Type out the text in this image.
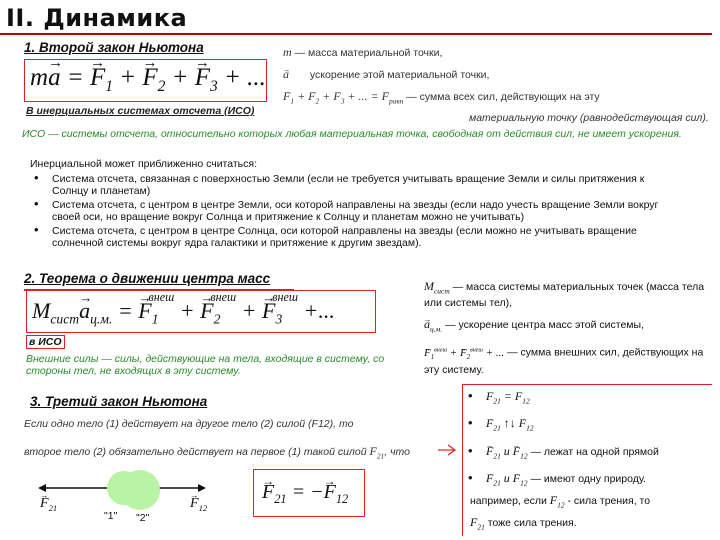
II. Динамика
1. Второй закон Ньютона
m→ a = → $F_1$ + → $F_2$ + → $F_3$ + ...
В инерциальных системах отсчета (ИСО)
m — масса материальной точки,
→ a ускорение этой материальной точки,
→ $F_1$ + → $F_2$ + → $F_3$ + ... = → $F_{равн}$ — сумма всех сил, действующих на эту
материальную точку (равнодействующая сил).
ИСО — системы отсчета, относительно которых любая материальная точка, свободная от действия сил, не имеет ускорения.
Инерциальной может приближенно считаться:
• Система отсчета, связанная с поверхностью Земли (если не требуется учитывать вращение Земли и силы притяжения к Солнцу и планетам)
• Система отсчета, с центром в центре Земли, оси которой направлены на звезды (если надо учесть вращение Земли вокруг своей оси, но вращение вокруг Солнца и притяжение к Солнцу и планетам можно не учитывать)
• Система отсчета, с центром в центре Солнца, оси которой направлены на звезды (если можно не учитывать вращение солнечной системы вокруг ядра галактики и притяжение к другим звездам).
2. Теорема о движении центра масс
$M_{сист}\to a_{ц.м.}$ = → $F_1^{внеш}$ + → $F_2^{внеш}$ + → $F_3^{внеш}$ +...
в ИСО
Внешние силы — силы, действующие на тела, входящие в систему, со стороны тел, не входящих в эту систему.
$M_{сист}$ — масса системы материальных точек (масса тела или системы тел),
→ $a_{ц.м.}$ — ускорение центра масс этой системы,
→ $F_1^{внеш}$ + → $F_2^{внеш}$ + ... — сумма внешних сил, действующих на эту систему.
3. Третий закон Ньютона
Если одно тело (1) действует на другое тело (2) силой (F12), то
второе тело (2) обязательно действует на первое (1) такой силой → $F_{21}$, что
→ $F_{21}$ = −→ $F_{12}$
→ $F_{21}$	→ $F_{12}$
"1" "2"
• $F_{21} = F_{12}$
• → $F_{21}$ ↑↓ → $F_{12}$
• → $F_{21}$ $и \to F_{12}$ — лежат на одной прямой
• → $F_{21}$ $и \to F_{12}$ — имеют одну природу.
например, если → $F_{12}$ - сила трения, то
→ $F_{21}$ тоже сила трения.
